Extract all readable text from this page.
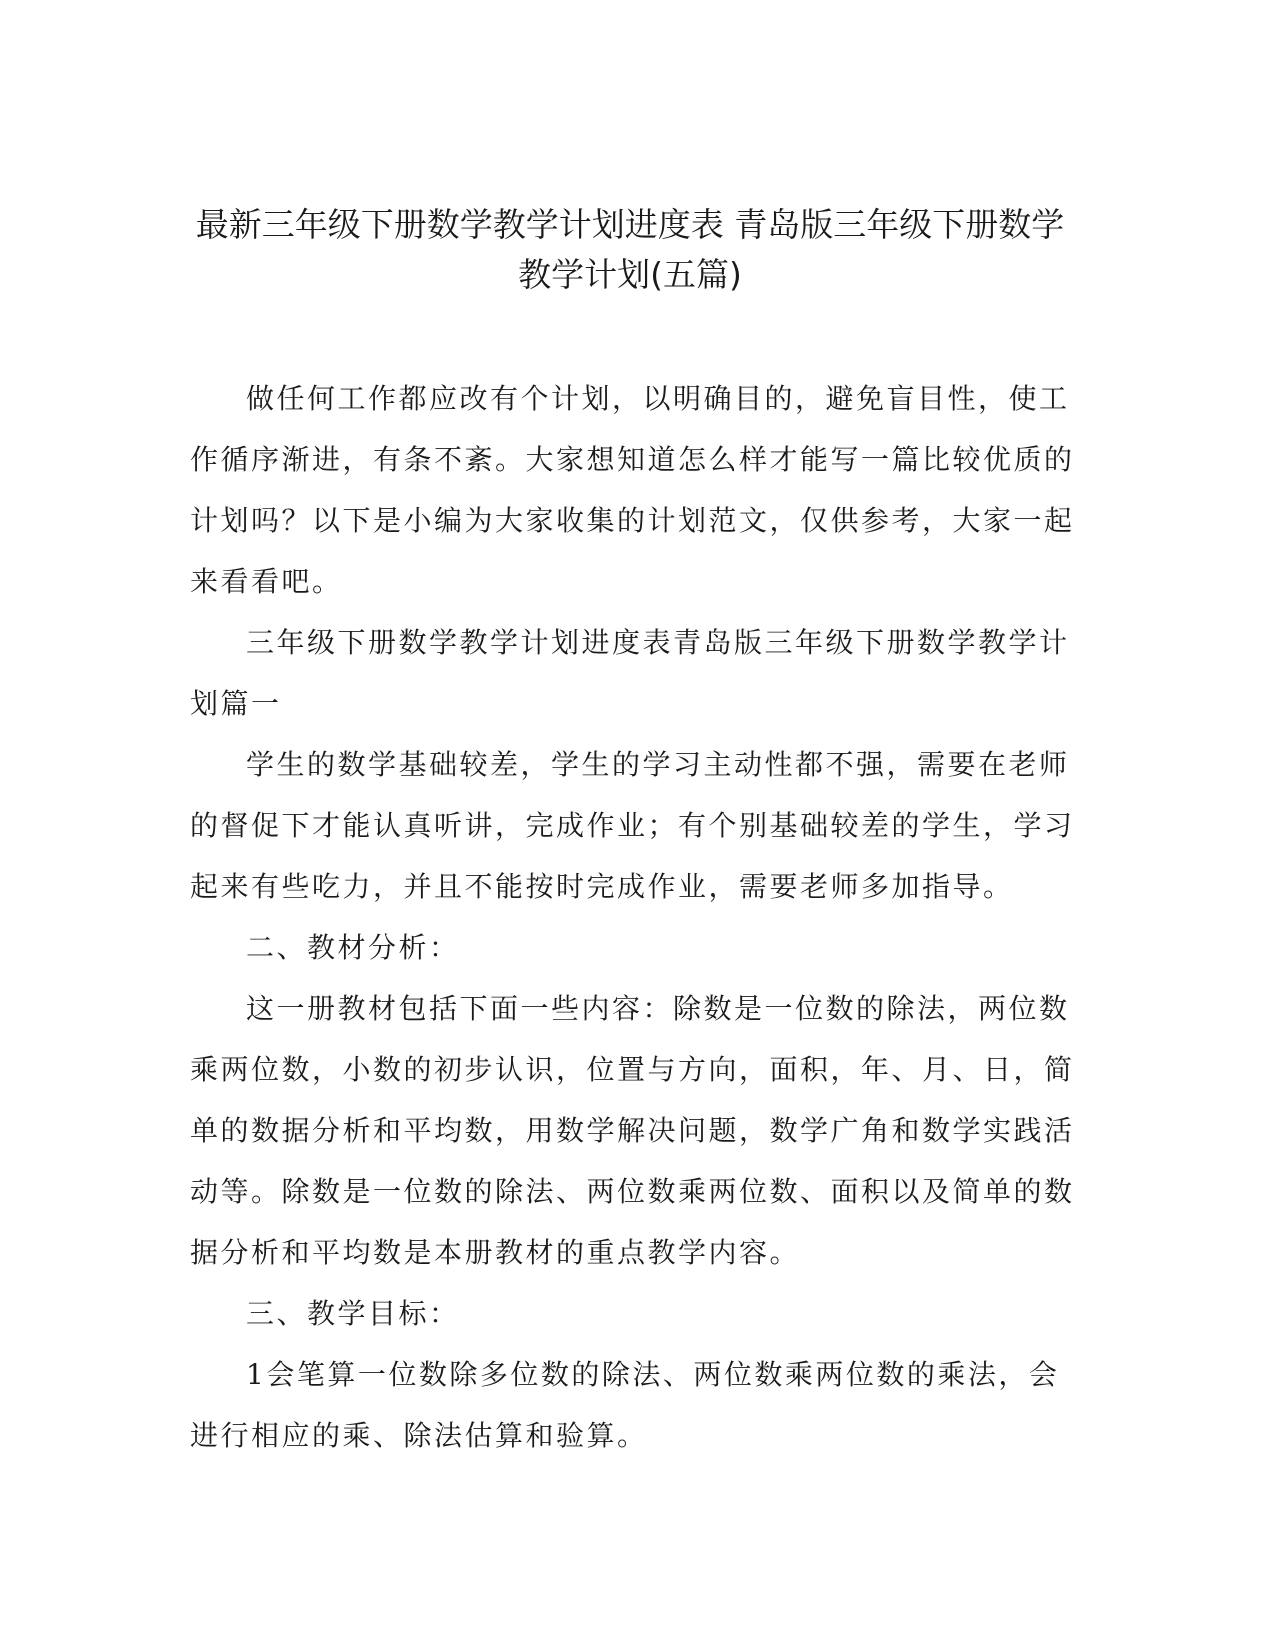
最新三年级下册数学教学计划进度表 青岛版三年级下册数学
教学计划(五篇)

做任何工作都应改有个计划，以明确目的，避免盲目性，使工作循序渐进，有条不紊。大家想知道怎么样才能写一篇比较优质的计划吗？以下是小编为大家收集的计划范文，仅供参考，大家一起来看看吧。

三年级下册数学教学计划进度表青岛版三年级下册数学教学计划篇一

学生的数学基础较差，学生的学习主动性都不强，需要在老师的督促下才能认真听讲，完成作业；有个别基础较差的学生，学习起来有些吃力，并且不能按时完成作业，需要老师多加指导。

二、教材分析：

这一册教材包括下面一些内容：除数是一位数的除法，两位数乘两位数，小数的初步认识，位置与方向，面积，年、月、日，简单的数据分析和平均数，用数学解决问题，数学广角和数学实践活动等。除数是一位数的除法、两位数乘两位数、面积以及简单的数据分析和平均数是本册教材的重点教学内容。

三、教学目标：

1会笔算一位数除多位数的除法、两位数乘两位数的乘法，会进行相应的乘、除法估算和验算。
